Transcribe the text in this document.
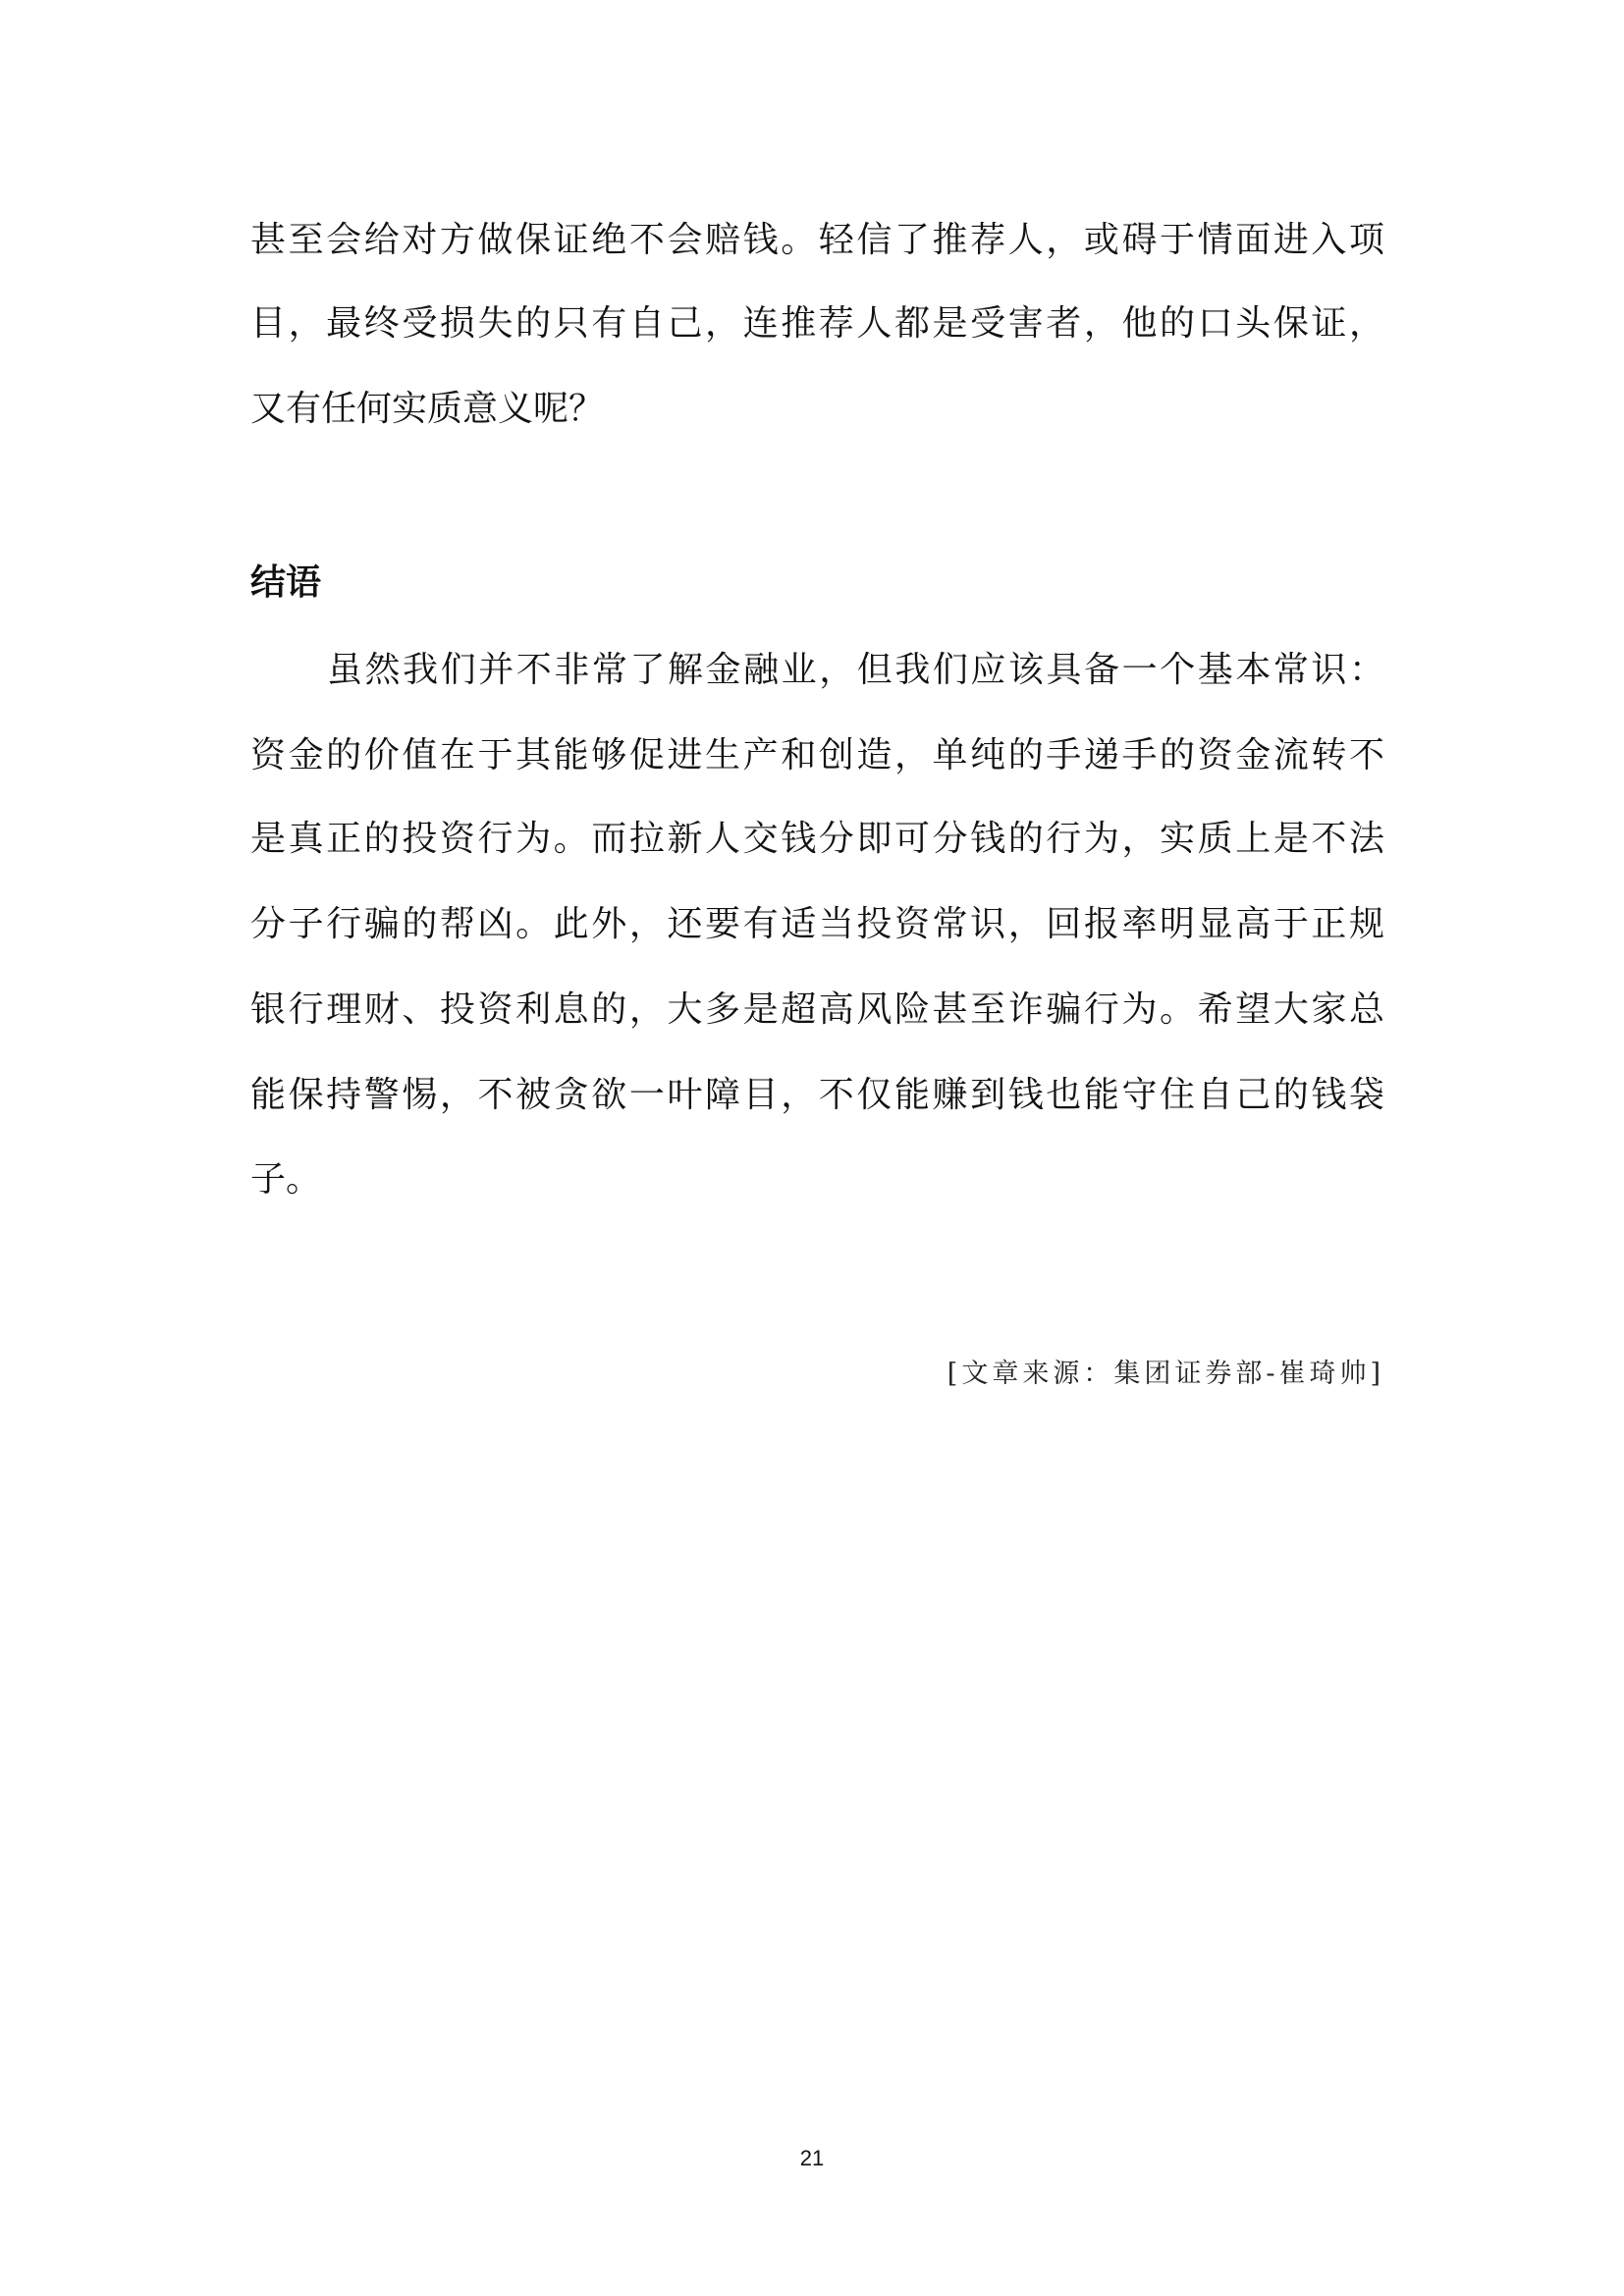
甚至会给对方做保证绝不会赔钱。轻信了推荐人，或碍于情面进入项
目，最终受损失的只有自己，连推荐人都是受害者，他的口头保证，
又有任何实质意义呢？
结语
虽然我们并不非常了解金融业，但我们应该具备一个基本常识：
资金的价值在于其能够促进生产和创造，单纯的手递手的资金流转不
是真正的投资行为。而拉新人交钱分即可分钱的行为，实质上是不法
分子行骗的帮凶。此外，还要有适当投资常识，回报率明显高于正规
银行理财、投资利息的，大多是超高风险甚至诈骗行为。希望大家总
能保持警惕，不被贪欲一叶障目，不仅能赚到钱也能守住自己的钱袋
子。
[文章来源：集团证券部-崔琦帅]
21
